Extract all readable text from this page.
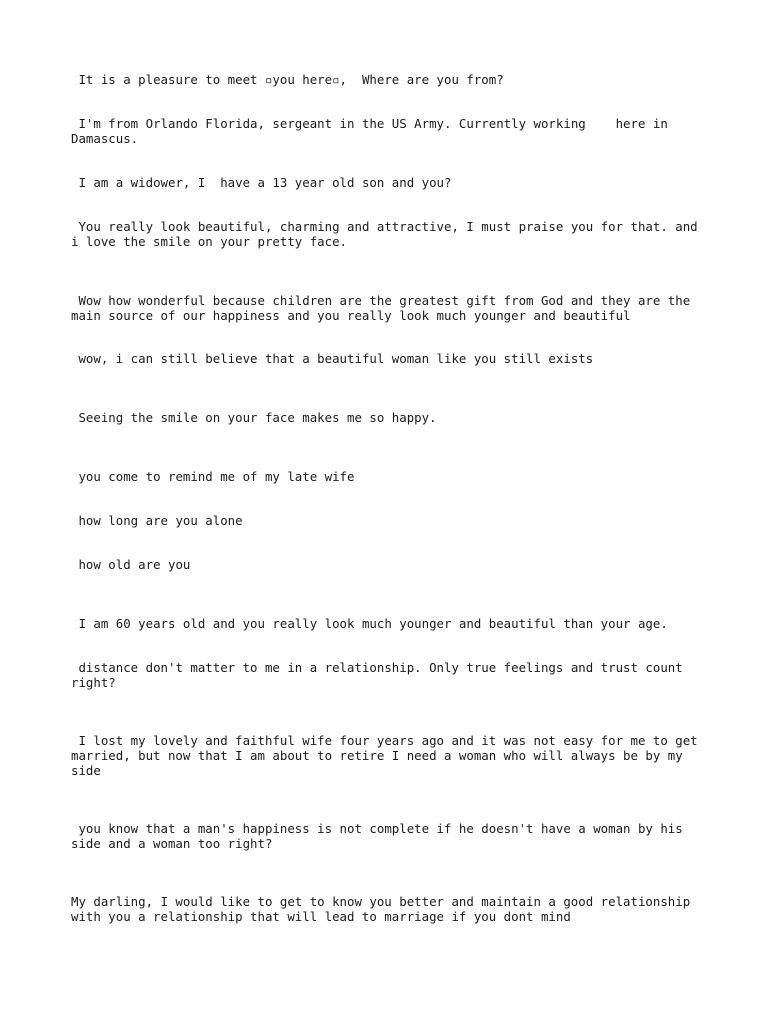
It is a pleasure to meet ▫you here▫,  Where are you from?

I'm from Orlando Florida, sergeant in the US Army. Currently working    here in Damascus.

I am a widower, I  have a 13 year old son and you?

You really look beautiful, charming and attractive, I must praise you for that. and i love the smile on your pretty face.

Wow how wonderful because children are the greatest gift from God and they are the main source of our happiness and you really look much younger and beautiful

wow, i can still believe that a beautiful woman like you still exists

Seeing the smile on your face makes me so happy.

you come to remind me of my late wife

how long are you alone

how old are you

I am 60 years old and you really look much younger and beautiful than your age.

distance don't matter to me in a relationship. Only true feelings and trust count right?

I lost my lovely and faithful wife four years ago and it was not easy for me to get married, but now that I am about to retire I need a woman who will always be by my side

you know that a man's happiness is not complete if he doesn't have a woman by his side and a woman too right?

My darling, I would like to get to know you better and maintain a good relationship with you a relationship that will lead to marriage if you dont mind
